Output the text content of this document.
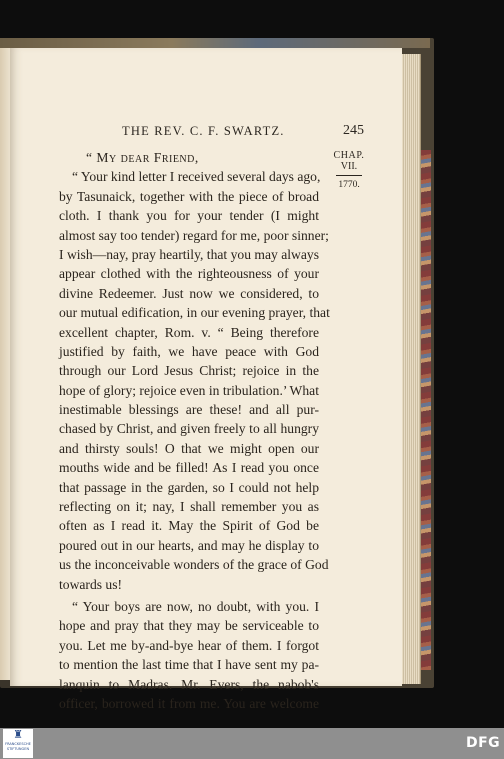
THE REV. C. F. SWARTZ.	245
CHAP.
VII.
1770.
“ My dear Friend,
“ Your kind letter I received several days ago,
by Tasunaick, together with the piece of broad
cloth. I thank you for your tender (I might
almost say too tender) regard for me, poor sinner;
I wish—nay, pray heartily, that you may always
appear clothed with the righteousness of your
divine Redeemer. Just now we considered, to
our mutual edification, in our evening prayer, that
excellent chapter, Rom. v. “ Being therefore
justified by faith, we have peace with God
through our Lord Jesus Christ; rejoice in the
hope of glory; rejoice even in tribulation.’ What
inestimable blessings are these! and all pur-
chased by Christ, and given freely to all hungry
and thirsty souls! O that we might open our
mouths wide and be filled! As I read you once
that passage in the garden, so I could not help
reflecting on it; nay, I shall remember you as
often as I read it. May the Spirit of God be
poured out in our hearts, and may he display to
us the inconceivable wonders of the grace of God
towards us!
“ Your boys are now, no doubt, with you. I
hope and pray that they may be serviceable to
you. Let me by-and-bye hear of them. I forgot
to mention the last time that I have sent my pa-
lanquin to Madras. Mr. Evers, the nabob's
officer, borrowed it from me. You are welcome
♜
FRANCKESCHE STIFTUNGEN	DFG
